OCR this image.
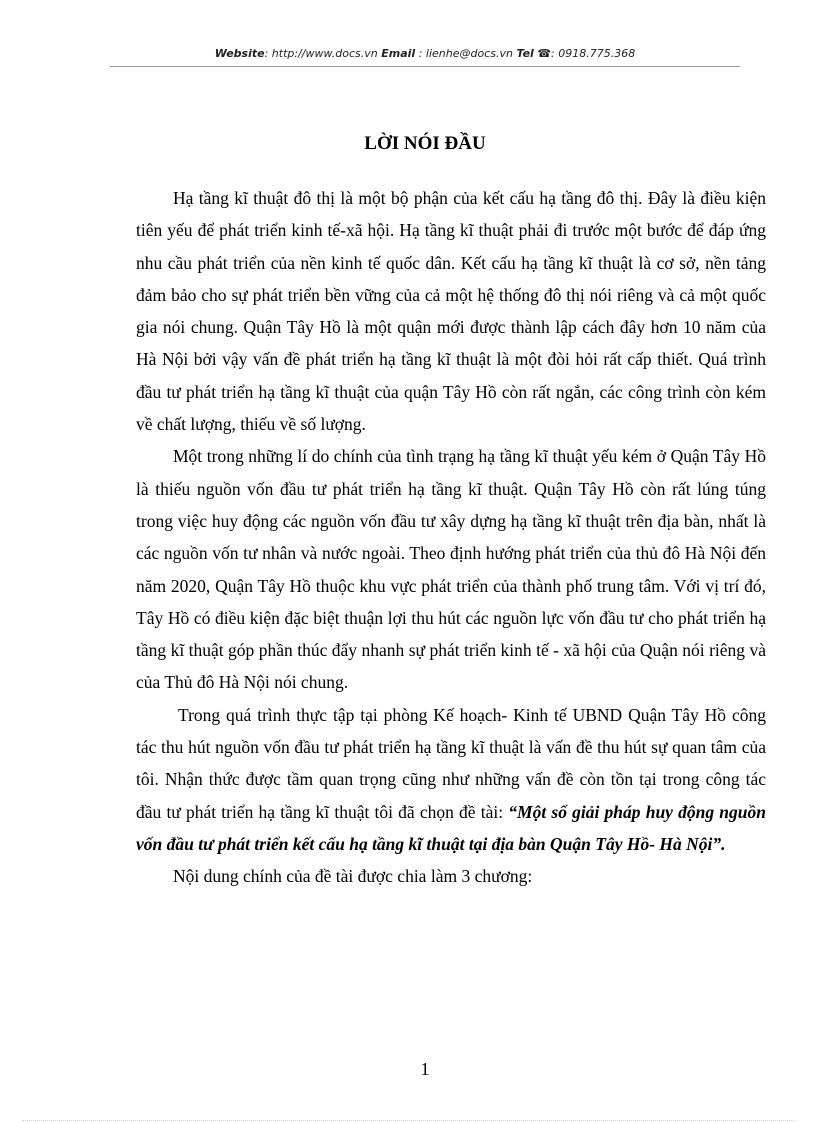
Website: http://www.docs.vn Email : lienhe@docs.vn Tel ☎: 0918.775.368
LỜI NÓI ĐẦU

Hạ tầng kĩ thuật đô thị là một bộ phận của kết cấu hạ tầng đô thị. Đây là điều kiện tiên yếu để phát triển kinh tế-xã hội. Hạ tầng kĩ thuật phải đi trước một bước để đáp ứng nhu cầu phát triển của nền kinh tế quốc dân. Kết cấu hạ tầng kĩ thuật là cơ sở, nền tảng đảm bảo cho sự phát triển bền vững của cả một hệ thống đô thị nói riêng và cả một quốc gia nói chung. Quận Tây Hồ là một quận mới được thành lập cách đây hơn 10 năm của Hà Nội bởi vậy vấn đề phát triển hạ tầng kĩ thuật là một đòi hỏi rất cấp thiết. Quá trình đầu tư phát triển hạ tầng kĩ thuật của quận Tây Hồ còn rất ngắn, các công trình còn kém về chất lượng, thiếu về số lượng.

Một trong những lí do chính của tình trạng hạ tầng kĩ thuật yếu kém ở Quận Tây Hồ là thiếu nguồn vốn đầu tư phát triển hạ tầng kĩ thuật. Quận Tây Hồ còn rất lúng túng trong việc huy động các nguồn vốn đầu tư xây dựng hạ tầng kĩ thuật trên địa bàn, nhất là các nguồn vốn tư nhân và nước ngoài. Theo định hướng phát triển của thủ đô Hà Nội đến năm 2020, Quận Tây Hồ thuộc khu vực phát triển của thành phố trung tâm. Với vị trí đó, Tây Hồ có điều kiện đặc biệt thuận lợi thu hút các nguồn lực vốn đầu tư cho phát triển hạ tầng kĩ thuật góp phần thúc đẩy nhanh sự phát triển kinh tế - xã hội của Quận nói riêng và của Thủ đô Hà Nội nói chung.

Trong quá trình thực tập tại phòng Kế hoạch- Kinh tế UBND Quận Tây Hồ công tác thu hút nguồn vốn đầu tư phát triển hạ tầng kĩ thuật là vấn đề thu hút sự quan tâm của tôi. Nhận thức được tầm quan trọng cũng như những vấn đề còn tồn tại trong công tác đầu tư phát triển hạ tầng kĩ thuật tôi đã chọn đề tài: “Một số giải pháp huy động nguồn vốn đầu tư phát triển kết cấu hạ tầng kĩ thuật tại địa bàn Quận Tây Hồ- Hà Nội”.

Nội dung chính của đề tài được chia làm 3 chương:

1
